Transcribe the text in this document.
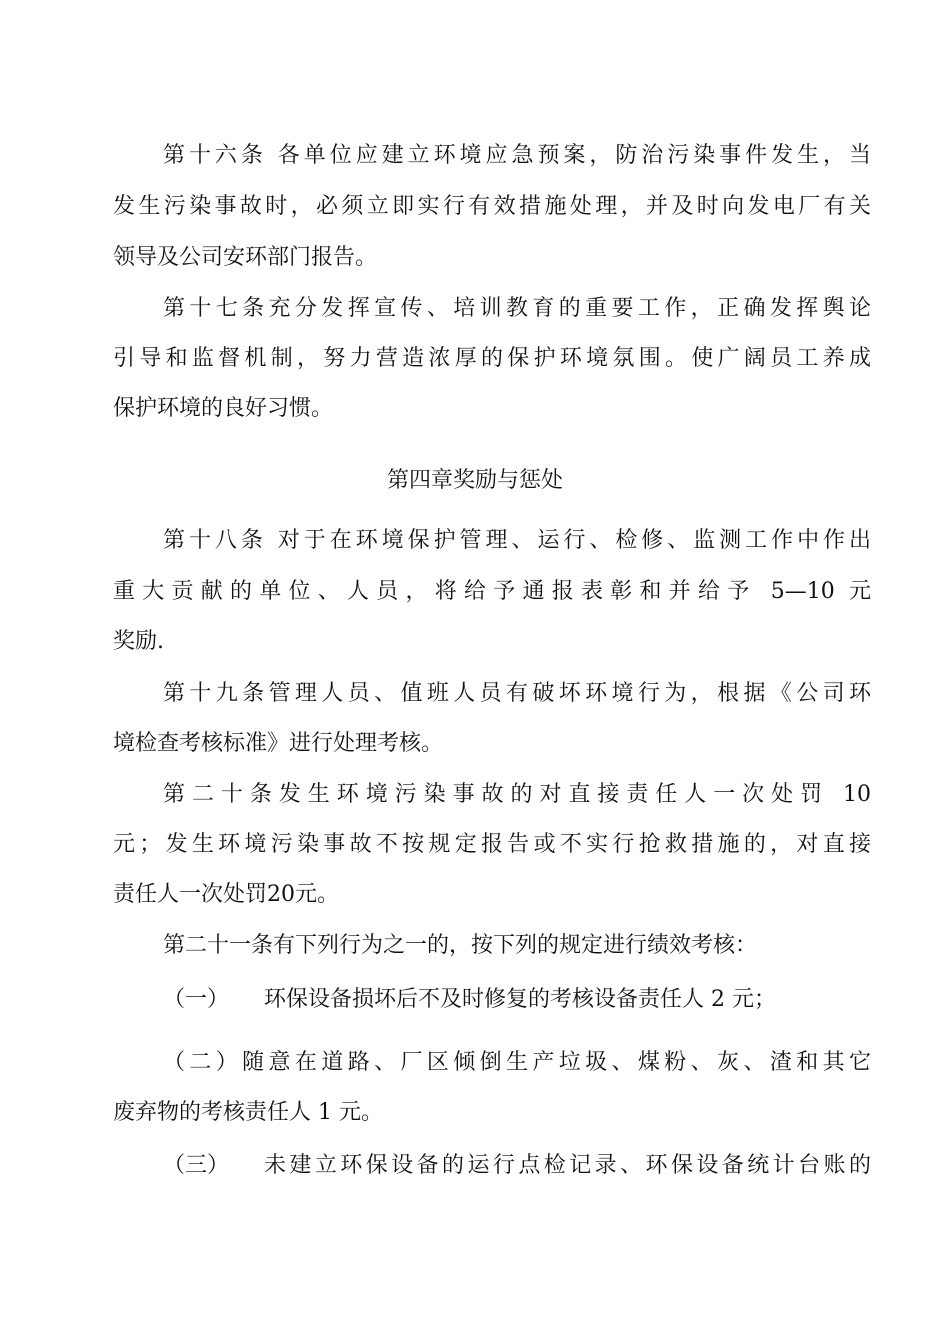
第十六条 各单位应建立环境应急预案，防治污染事件发生，当
发生污染事故时，必须立即实行有效措施处理，并及时向发电厂有关
领导及公司安环部门报告。
第十七条充分发挥宣传、培训教育的重要工作，正确发挥舆论
引导和监督机制，努力营造浓厚的保护环境氛围。使广阔员工养成
保护环境的良好习惯。
第四章奖励与惩处
第十八条 对于在环境保护管理、运行、检修、监测工作中作出
重大贡献的单位、人员，将给予通报表彰和并给予 5—10 元
奖励.
第十九条管理人员、值班人员有破坏环境行为，根据《公司环
境检查考核标准》进行处理考核。
第二十条发生环境污染事故的对直接责任人一次处罚 10
元；发生环境污染事故不按规定报告或不实行抢救措施的，对直接
责任人一次处罚20元。
第二十一条有下列行为之一的，按下列的规定进行绩效考核：
（一） 环保设备损坏后不及时修复的考核设备责任人 2 元；
（二）随意在道路、厂区倾倒生产垃圾、煤粉、灰、渣和其它
废弃物的考核责任人 1 元。
（三） 未建立环保设备的运行点检记录、环保设备统计台账的
